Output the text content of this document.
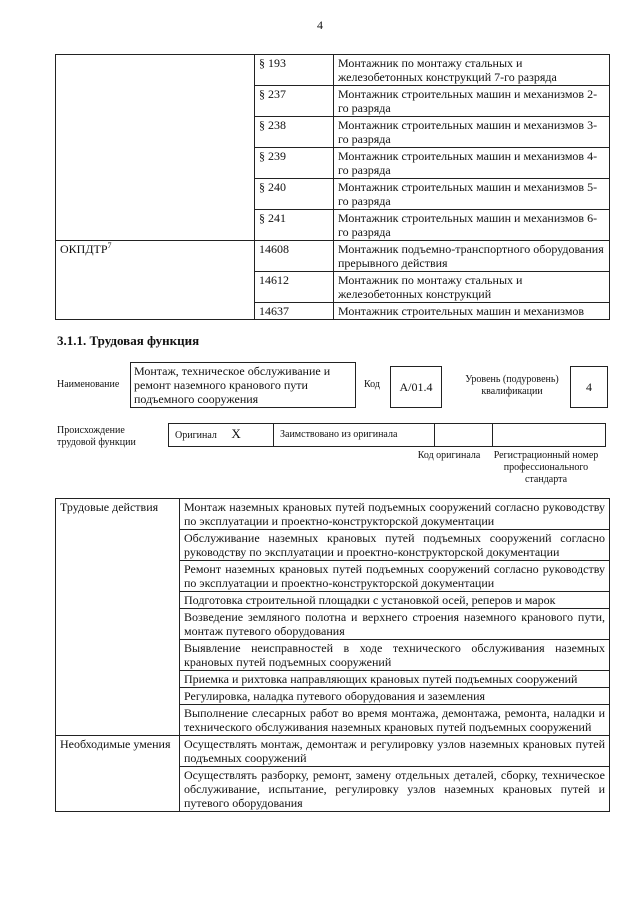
4
	§ 193	Монтажник по монтажу стальных и железобетонных конструкций 7-го разряда
	§ 237	Монтажник строительных машин и механизмов 2-го разряда
	§ 238	Монтажник строительных машин и механизмов 3-го разряда
	§ 239	Монтажник строительных машин и механизмов 4-го разряда
	§ 240	Монтажник строительных машин и механизмов 5-го разряда
	§ 241	Монтажник строительных машин и механизмов 6-го разряда
ОКПДТР$^7$	14608	Монтажник подъемно-транспортного оборудования прерывного действия
	14612	Монтажник по монтажу стальных и железобетонных конструкций
	14637	Монтажник строительных машин и механизмов
3.1.1. Трудовая функция
Наименование
Монтаж, техническое обслуживание и ремонт наземного кранового пути подъемного сооружения
Код	А/01.4
Уровень (подуровень) квалификации	4
Происхождение трудовой функции
Оригинал X	Заимствовано из оригинала		
Код оригинала	Регистрационный номер профессионального стандарта
Трудовые действия	Монтаж наземных крановых путей подъемных сооружений согласно руководству по эксплуатации и проектно-конструкторской документации
	Обслуживание наземных крановых путей подъемных сооружений согласно руководству по эксплуатации и проектно-конструкторской документации
	Ремонт наземных крановых путей подъемных сооружений согласно руководству по эксплуатации и проектно-конструкторской документации
	Подготовка строительной площадки с установкой осей, реперов и марок
	Возведение земляного полотна и верхнего строения наземного кранового пути, монтаж путевого оборудования
	Выявление неисправностей в ходе технического обслуживания наземных крановых путей подъемных сооружений
	Приемка и рихтовка направляющих крановых путей подъемных сооружений
	Регулировка, наладка путевого оборудования и заземления
	Выполнение слесарных работ во время монтажа, демонтажа, ремонта, наладки и технического обслуживания наземных крановых путей подъемных сооружений
Необходимые умения	Осуществлять монтаж, демонтаж и регулировку узлов наземных крановых путей подъемных сооружений
	Осуществлять разборку, ремонт, замену отдельных деталей, сборку, техническое обслуживание, испытание, регулировку узлов наземных крановых путей и путевого оборудования
